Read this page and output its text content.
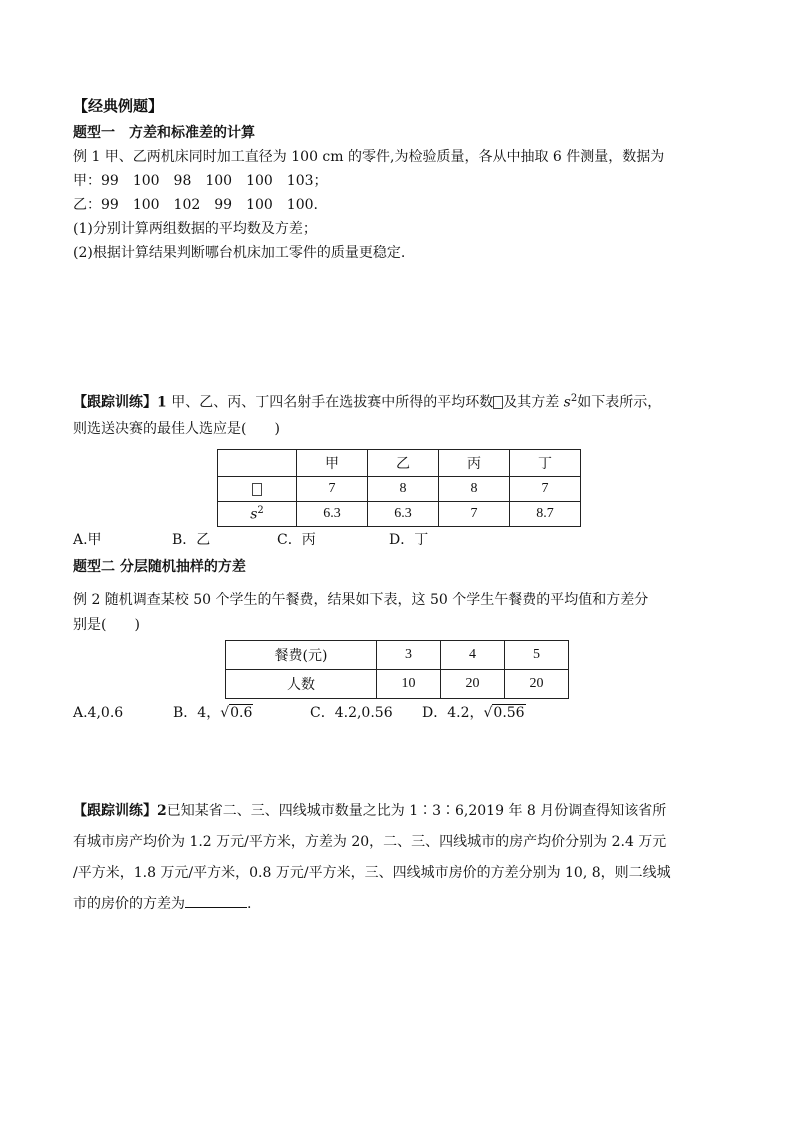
【经典例题】
题型一　方差和标准差的计算
例 1 甲、乙两机床同时加工直径为 100 cm 的零件,为检验质量，各从中抽取 6 件测量，数据为
甲：99　100　98　100　100　103；
乙：99　100　102　99　100　100.
(1)分别计算两组数据的平均数及方差；
(2)根据计算结果判断哪台机床加工零件的质量更稳定.
【跟踪训练】1 甲、乙、丙、丁四名射手在选拔赛中所得的平均环数 及其方差 $s^2$如下表所示，
则选送决赛的最佳人选应是(　　)
	甲	乙	丙	丁
	7	8	8	7
$s^2$	6.3	6.3	7	8.7
A.甲	B．乙	C．丙	D．丁
题型二 分层随机抽样的方差
例 2 随机调查某校 50 个学生的午餐费，结果如下表，这 50 个学生午餐费的平均值和方差分
别是(　　)
餐费(元)	3	4	5
人数	10	20	20
A.4,0.6	B．4，√0.6	C．4.2,0.56 D．4.2，√0.56
【跟踪训练】2已知某省二、三、四线城市数量之比为 1∶3∶6,2019 年 8 月份调查得知该省所
有城市房产均价为 1.2 万元/平方米，方差为 20，二、三、四线城市的房产均价分别为 2.4 万元
/平方米，1.8 万元/平方米，0.8 万元/平方米，三、四线城市房价的方差分别为 10, 8，则二线城
市的房价的方差为	.
